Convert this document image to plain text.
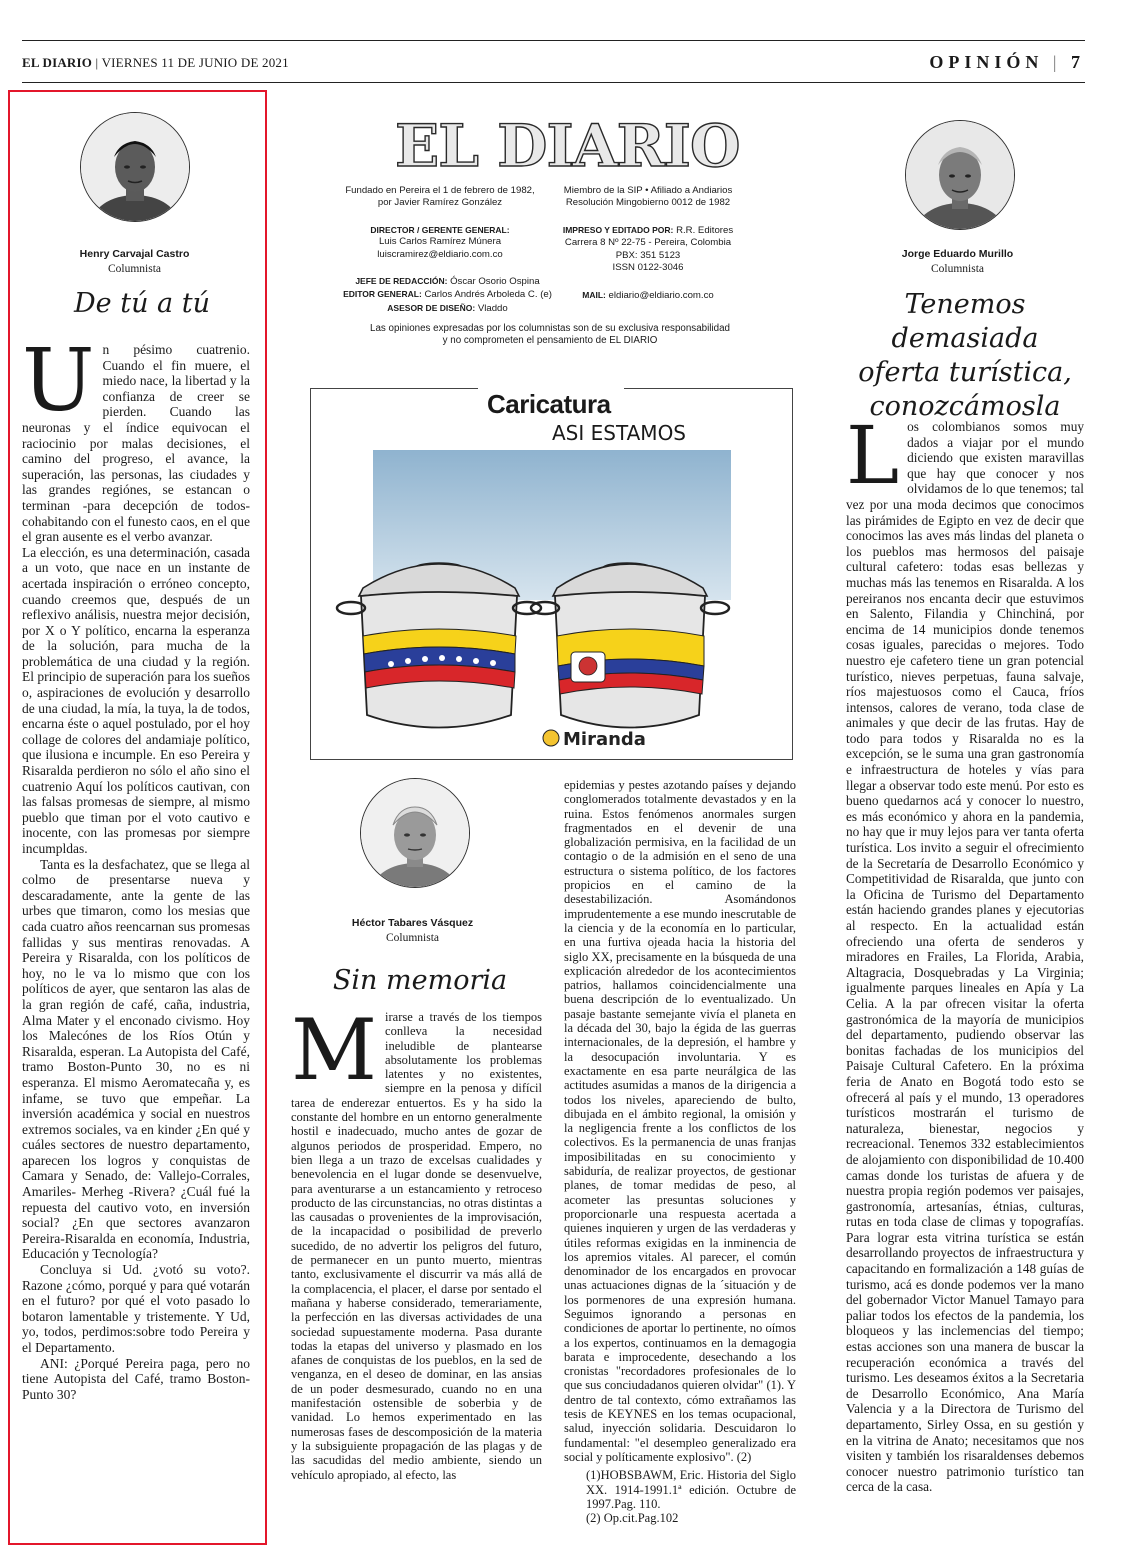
EL DIARIO | VIERNES 11 DE JUNIO DE 2021	OPINIÓN | 7
Henry Carvajal Castro
Columnista
De tú a tú
U n pésimo cuatrenio. Cuando el fin muere, el miedo nace, la libertad y la confianza de creer se pierden. Cuando las neuronas y el índice equivocan el raciocinio por malas decisiones, el camino del progreso, el avance, la superación, las personas, las ciudades y las grandes regiónes, se estancan o terminan -para decepción de todos- cohabitando con el funesto caos, en el que el gran ausente es el verbo avanzar.

La elección, es una determinación, casada a un voto, que nace en un instante de acertada inspiración o erróneo concepto, cuando creemos que, después de un reflexivo análisis, nuestra mejor decisión, por X o Y político, encarna la esperanza de la solución, para mucha de la problemática de una ciudad y la región. El principio de superación para los sueños o, aspiraciones de evolución y desarrollo de una ciudad, la mía, la tuya, la de todos, encarna éste o aquel postulado, por el hoy collage de colores del andamiaje político, que ilusiona e incumple. En eso Pereira y Risaralda perdieron no sólo el año sino el cuatrenio Aquí los políticos cautivan, con las falsas promesas de siempre, al mismo pueblo que timan por el voto cautivo e inocente, con las promesas por siempre incumpldas.

Tanta es la desfachatez, que se llega al colmo de presentarse nueva y descaradamente, ante la gente de las urbes que timaron, como los mesias que cada cuatro años reencarnan sus promesas fallidas y sus mentiras renovadas. A Pereira y Risaralda, con los políticos de hoy, no le va lo mismo que con los políticos de ayer, que sentaron las alas de la gran región de café, caña, industria, Alma Mater y el enconado civismo. Hoy los Malecónes de los Ríos Otún y Risaralda, esperan. La Autopista del Café, tramo Boston-Punto 30, no es ni esperanza. El mismo Aeromatecaña y, es infame, se tuvo que empeñar. La inversión académica y social en nuestros extremos sociales, va en kinder ¿En qué y cuáles sectores de nuestro departamento, aparecen los logros y conquistas de Camara y Senado, de: Vallejo-Corrales, Amariles- Merheg -Rivera? ¿Cuál fué la repuesta del cautivo voto, en inversión social? ¿En que sectores avanzaron Pereira-Risaralda en economía, Industria, Educación y Tecnología?

Concluya si Ud. ¿votó su voto?. Razone ¿cómo, porqué y para qué votarán en el futuro? por qué el voto pasado lo botaron lamentable y tristemente. Y Ud, yo, todos, perdimos:sobre todo Pereira y el Departamento.

ANI: ¿Porqué Pereira paga, pero no tiene Autopista del Café, tramo Boston-Punto 30?

EL DIARIO
Fundado en Pereira el 1 de febrero de 1982,
por Javier Ramírez González
Miembro de la SIP • Afiliado a Andiarios
Resolución Mingobierno 0012 de 1982
DIRECTOR / GERENTE GENERAL:
Luis Carlos Ramírez Múnera
luiscramirez@eldiario.com.co
IMPRESO Y EDITADO POR: R.R. Editores
Carrera 8 Nº 22-75 - Pereira, Colombia
PBX: 351 5123
ISSN 0122-3046
JEFE DE REDACCIÓN: Óscar Osorio Ospina
EDITOR GENERAL: Carlos Andrés Arboleda C. (e)
ASESOR DE DISEÑO: Vladdo
MAIL: eldiario@eldiario.com.co
Las opiniones expresadas por los columnistas son de su exclusiva responsabilidad
y no comprometen el pensamiento de EL DIARIO
Caricatura
ASI ESTAMOS
Miranda
Héctor Tabares Vásquez
Columnista
Sin memoria
M irarse a través de los tiempos conlleva la necesidad ineludible de plantearse absolutamente los problemas latentes y no existentes, siempre en la penosa y difícil tarea de enderezar entuertos. Es y ha sido la constante del hombre en un entorno generalmente hostil e inadecuado, mucho antes de gozar de algunos periodos de prosperidad. Empero, no bien llega a un trazo de excelsas cualidades y benevolencia en el lugar donde se desenvuelve, para aventurarse a un estancamiento y retroceso producto de las circunstancias, no otras distintas a las causadas o provenientes de la improvisación, de la incapacidad o posibilidad de preverlo sucedido, de no advertir los peligros del futuro, de permanecer en un punto muerto, mientras tanto, exclusivamente el discurrir va más allá de la complacencia, el placer, el darse por sentado el mañana y haberse considerado, temerariamente, la perfección en las diversas actividades de una sociedad supuestamente moderna. Pasa durante todas la etapas del universo y plasmado en los afanes de conquistas de los pueblos, en la sed de venganza, en el deseo de dominar, en las ansias de un poder desmesurado, cuando no en una manifestación ostensible de soberbia y de vanidad. Lo hemos experimentado en las numerosas fases de descomposición de la materia y la subsiguiente propagación de las plagas y de las sacudidas del medio ambiente, siendo un vehículo apropiado, al efecto, las

epidemias y pestes azotando países y dejando conglomerados totalmente devastados y en la ruina. Estos fenómenos anormales surgen fragmentados en el devenir de una globalización permisiva, en la facilidad de un contagio o de la admisión en el seno de una estructura o sistema político, de los factores propicios en el camino de la desestabilización. Asomándonos imprudentemente a ese mundo inescrutable de la ciencia y de la economía en lo particular, en una furtiva ojeada hacia la historia del siglo XX, precisamente en la búsqueda de una explicación alrededor de los acontecimientos patrios, hallamos coincidencialmente una buena descripción de lo eventualizado. Un pasaje bastante semejante vivía el planeta en la década del 30, bajo la égida de las guerras internacionales, de la depresión, el hambre y la desocupación involuntaria. Y es exactamente en esa parte neurálgica de las actitudes asumidas a manos de la dirigencia a todos los niveles, apareciendo de bulto, dibujada en el ámbito regional, la omisión y la negligencia frente a los conflictos de los colectivos. Es la permanencia de unas franjas imposibilitadas en su conocimiento y sabiduría, de realizar proyectos, de gestionar planes, de tomar medidas de peso, al acometer las presuntas soluciones y proporcionarle una respuesta acertada a quienes inquieren y urgen de las verdaderas y útiles reformas exigidas en la inminencia de los apremios vitales. Al parecer, el común denominador de los encargados en provocar unas actuaciones dignas de la ´situación y de los pormenores de una expresión humana. Seguimos ignorando a personas en condiciones de aportar lo pertinente, no oímos a los expertos, continuamos en la demagogia barata e improcedente, desechando a los cronistas "recordadores profesionales de lo que sus conciudadanos quieren olvidar" (1). Y dentro de tal contexto, cómo extrañamos las tesis de KEYNES en los temas ocupacional, salud, inyección solidaria. Descuidaron lo fundamental: "el desempleo generalizado era social y políticamente explosivo". (2)

(1)HOBSBAWM, Eric. Historia del Siglo XX. 1914-1991.1ª edición. Octubre de 1997.Pag. 110.
(2) Op.cit.Pag.102
Jorge Eduardo Murillo
Columnista
Tenemos demasiada
oferta turística,
conozcámosla
L os colombianos somos muy dados a viajar por el mundo diciendo que existen maravillas que hay que conocer y nos olvidamos de lo que tenemos; tal vez por una moda decimos que conocimos las pirámides de Egipto en vez de decir que conocimos las aves más lindas del planeta o los pueblos mas hermosos del paisaje cultural cafetero: todas esas bellezas y muchas más las tenemos en Risaralda. A los pereiranos nos encanta decir que estuvimos en Salento, Filandia y Chinchiná, por encima de 14 municipios donde tenemos cosas iguales, parecidas o mejores. Todo nuestro eje cafetero tiene un gran potencial turístico, nieves perpetuas, fauna salvaje, ríos majestuosos como el Cauca, fríos intensos, calores de verano, toda clase de animales y que decir de las frutas. Hay de todo para todos y Risaralda no es la excepción, se le suma una gran gastronomía e infraestructura de hoteles y vías para llegar a observar todo este menú. Por esto es bueno quedarnos acá y conocer lo nuestro, es más económico y ahora en la pandemia, no hay que ir muy lejos para ver tanta oferta turística. Los invito a seguir el ofrecimiento de la Secretaría de Desarrollo Económico y Competitividad de Risaralda, que junto con la Oficina de Turismo del Departamento están haciendo grandes planes y ejecutorias al respecto. En la actualidad están ofreciendo una oferta de senderos y miradores en Frailes, La Florida, Arabia, Altagracia, Dosquebradas y La Virginia; igualmente parques lineales en Apía y La Celia. A la par ofrecen visitar la oferta gastronómica de la mayoría de municipios del departamento, pudiendo observar las bonitas fachadas de los municipios del Paisaje Cultural Cafetero. En la próxima feria de Anato en Bogotá todo esto se ofrecerá al país y el mundo, 13 operadores turísticos mostrarán el turismo de naturaleza, bienestar, negocios y recreacional. Tenemos 332 establecimientos de alojamiento con disponibilidad de 10.400 camas donde los turistas de afuera y de nuestra propia región podemos ver paisajes, gastronomía, artesanías, étnias, culturas, rutas en toda clase de climas y topografías. Para lograr esta vitrina turística se están desarrollando proyectos de infraestructura y capacitando en formalización a 148 guías de turismo, acá es donde podemos ver la mano del gobernador Victor Manuel Tamayo para paliar todos los efectos de la pandemia, los bloqueos y las inclemencias del tiempo; estas acciones son una manera de buscar la recuperación económica a través del turismo. Les deseamos éxitos a la Secretaria de Desarrollo Económico, Ana María Valencia y a la Directora de Turismo del departamento, Sirley Ossa, en su gestión y en la vitrina de Anato; necesitamos que nos visiten y también los risaraldenses debemos conocer nuestro patrimonio turístico tan cerca de la casa.
